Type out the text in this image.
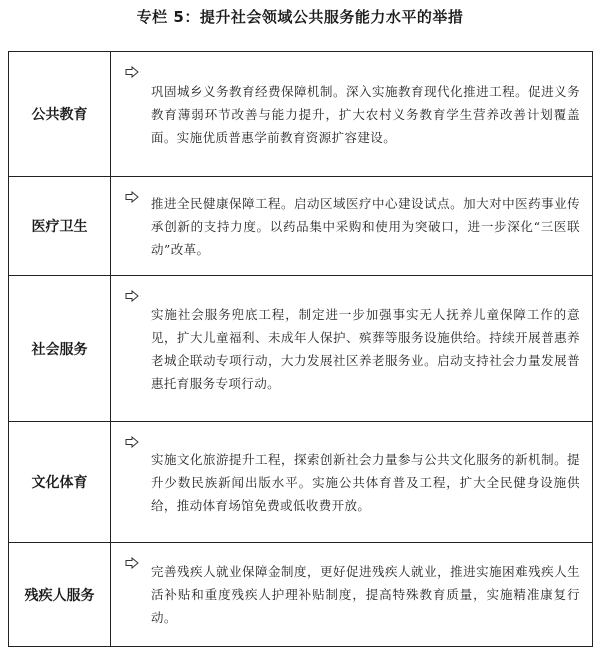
专栏 5：提升社会领域公共服务能力水平的举措
公共教育	巩固城乡义务教育经费保障机制。深入实施教育现代化推进工程。促进义务教育薄弱环节改善与能力提升，扩大农村义务教育学生营养改善计划覆盖面。实施优质普惠学前教育资源扩容建设。
医疗卫生	推进全民健康保障工程。启动区域医疗中心建设试点。加大对中医药事业传承创新的支持力度。以药品集中采购和使用为突破口，进一步深化“三医联动”改革。
社会服务	实施社会服务兜底工程，制定进一步加强事实无人抚养儿童保障工作的意见，扩大儿童福利、未成年人保护、殡葬等服务设施供给。持续开展普惠养老城企联动专项行动，大力发展社区养老服务业。启动支持社会力量发展普惠托育服务专项行动。
文化体育	实施文化旅游提升工程，探索创新社会力量参与公共文化服务的新机制。提升少数民族新闻出版水平。实施公共体育普及工程，扩大全民健身设施供给，推动体育场馆免费或低收费开放。
残疾人服务	完善残疾人就业保障金制度，更好促进残疾人就业，推进实施困难残疾人生活补贴和重度残疾人护理补贴制度，提高特殊教育质量，实施精准康复行动。
